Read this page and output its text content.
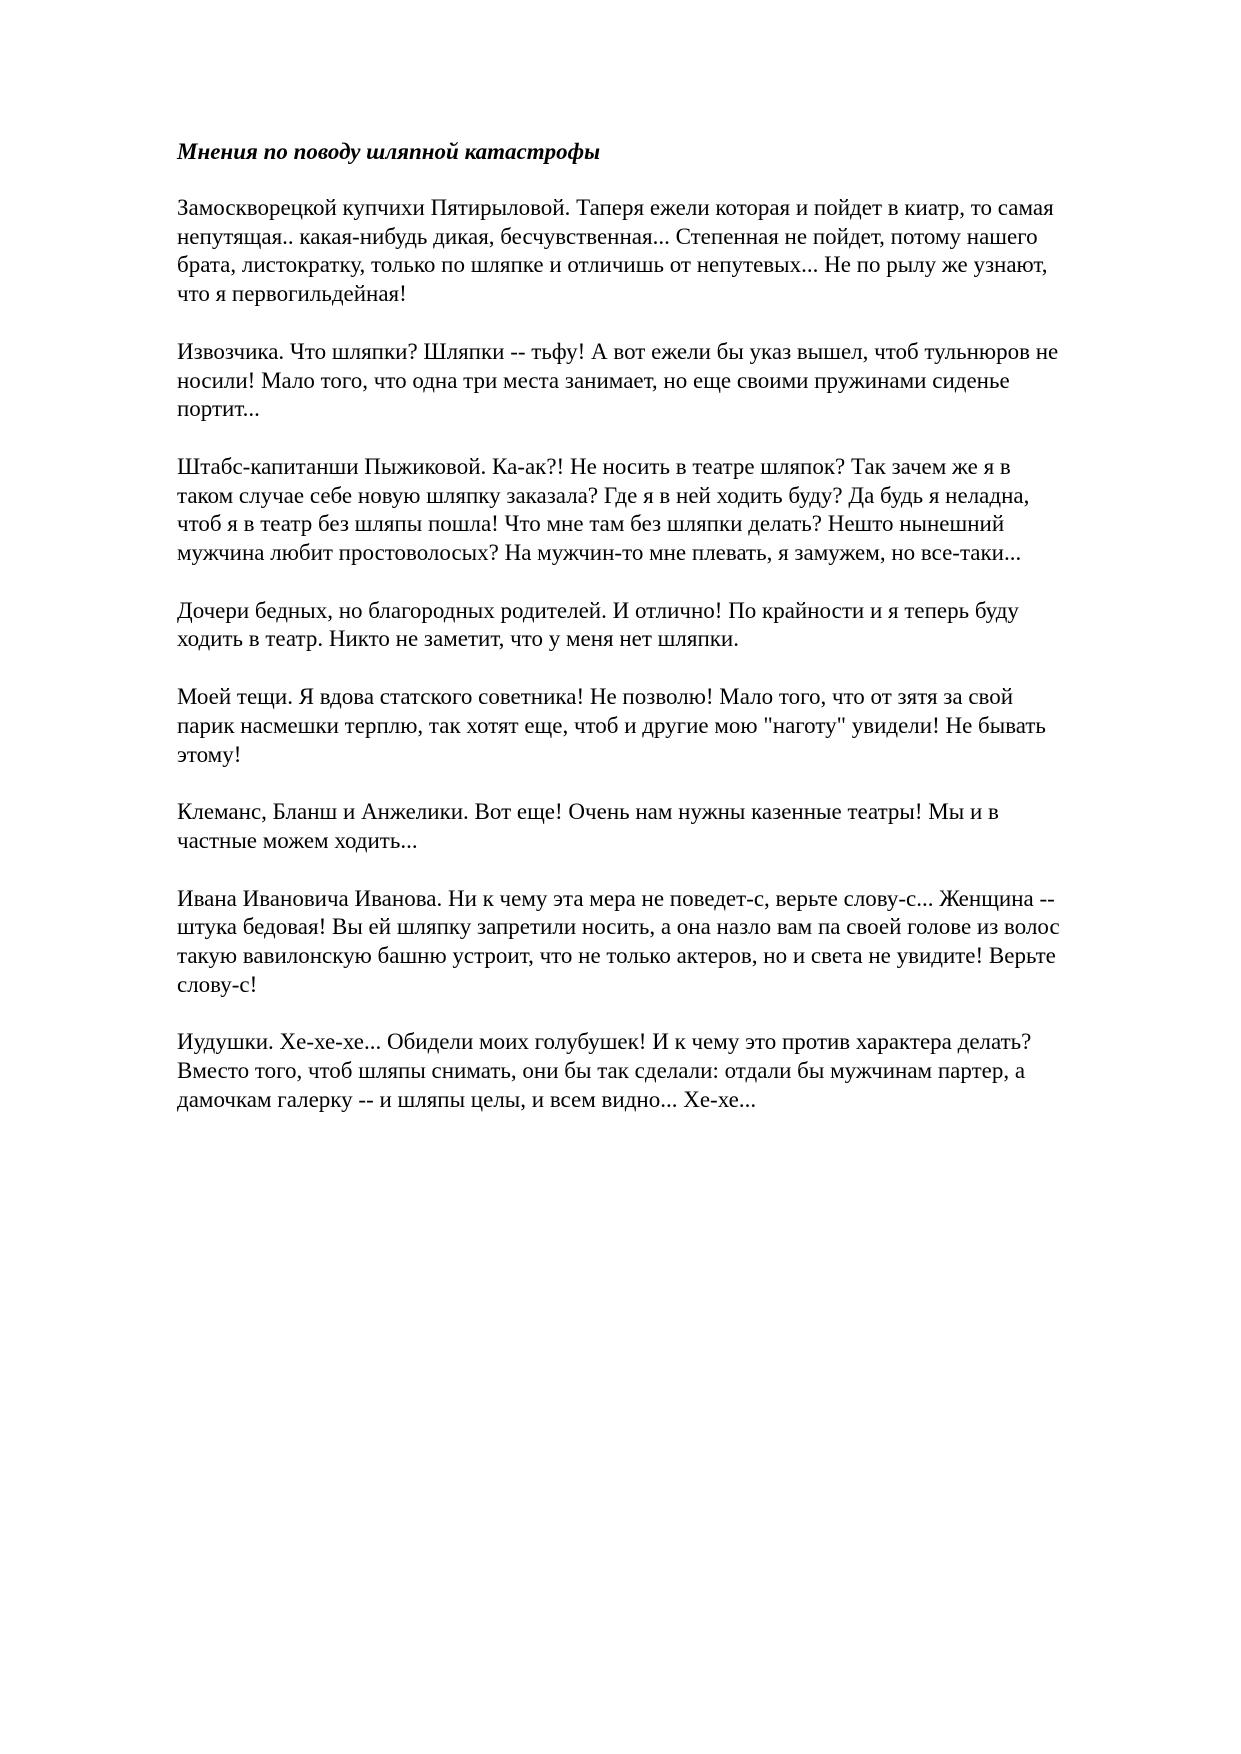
Мнения по поводу шляпной катастрофы

Замоскворецкой купчихи Пятирыловой. Таперя ежели которая и пойдет в киатр, то самая
непутящая.. какая-нибудь дикая, бесчувственная... Степенная не пойдет, потому нашего
брата, листократку, только по шляпке и отличишь от непутевых... Не по рылу же узнают,
что я первогильдейная!

Извозчика. Что шляпки? Шляпки -- тьфу! А вот ежели бы указ вышел, чтоб тульнюров не
носили! Мало того, что одна три места занимает, но еще своими пружинами сиденье
портит...

Штабс-капитанши Пыжиковой. Ка-ак?! Не носить в театре шляпок? Так зачем же я в
таком случае себе новую шляпку заказала? Где я в ней ходить буду? Да будь я неладна,
чтоб я в театр без шляпы пошла! Что мне там без шляпки делать? Нешто нынешний
мужчина любит простоволосых? На мужчин-то мне плевать, я замужем, но все-таки...

Дочери бедных, но благородных родителей. И отлично! По крайности и я теперь буду
ходить в театр. Никто не заметит, что у меня нет шляпки.

Моей тещи. Я вдова статского советника! Не позволю! Мало того, что от зятя за свой
парик насмешки терплю, так хотят еще, чтоб и другие мою "наготу" увидели! Не бывать
этому!

Клеманс, Бланш и Анжелики. Вот еще! Очень нам нужны казенные театры! Мы и в
частные можем ходить...

Ивана Ивановича Иванова. Ни к чему эта мера не поведет-с, верьте слову-с... Женщина --
штука бедовая! Вы ей шляпку запретили носить, а она назло вам па своей голове из волос
такую вавилонскую башню устроит, что не только актеров, но и света не увидите! Верьте
слову-с!

Иудушки. Хе-хе-хе... Обидели моих голубушек! И к чему это против характера делать?
Вместо того, чтоб шляпы снимать, они бы так сделали: отдали бы мужчинам партер, а
дамочкам галерку -- и шляпы целы, и всем видно... Хе-хе...
